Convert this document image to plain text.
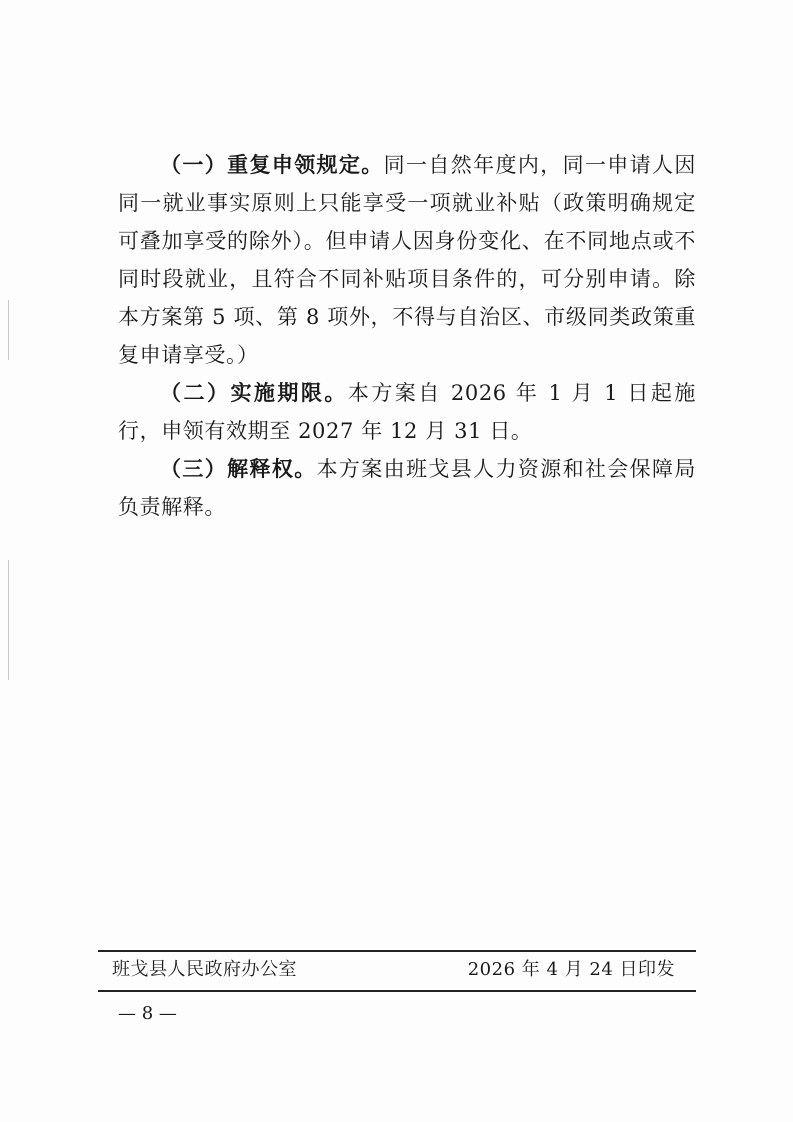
（一）重复申领规定。同一自然年度内，同一申请人因同一就业事实原则上只能享受一项就业补贴（政策明确规定可叠加享受的除外）。但申请人因身份变化、在不同地点或不同时段就业，且符合不同补贴项目条件的，可分别申请。除本方案第 5 项、第 8 项外，不得与自治区、市级同类政策重复申请享受。）

（二）实施期限。本方案自 2026 年 1 月 1 日起施行，申领有效期至 2027 年 12 月 31 日。

（三）解释权。本方案由班戈县人力资源和社会保障局负责解释。

班戈县人民政府办公室	2026 年 4 月 24 日印发
— 8 —
